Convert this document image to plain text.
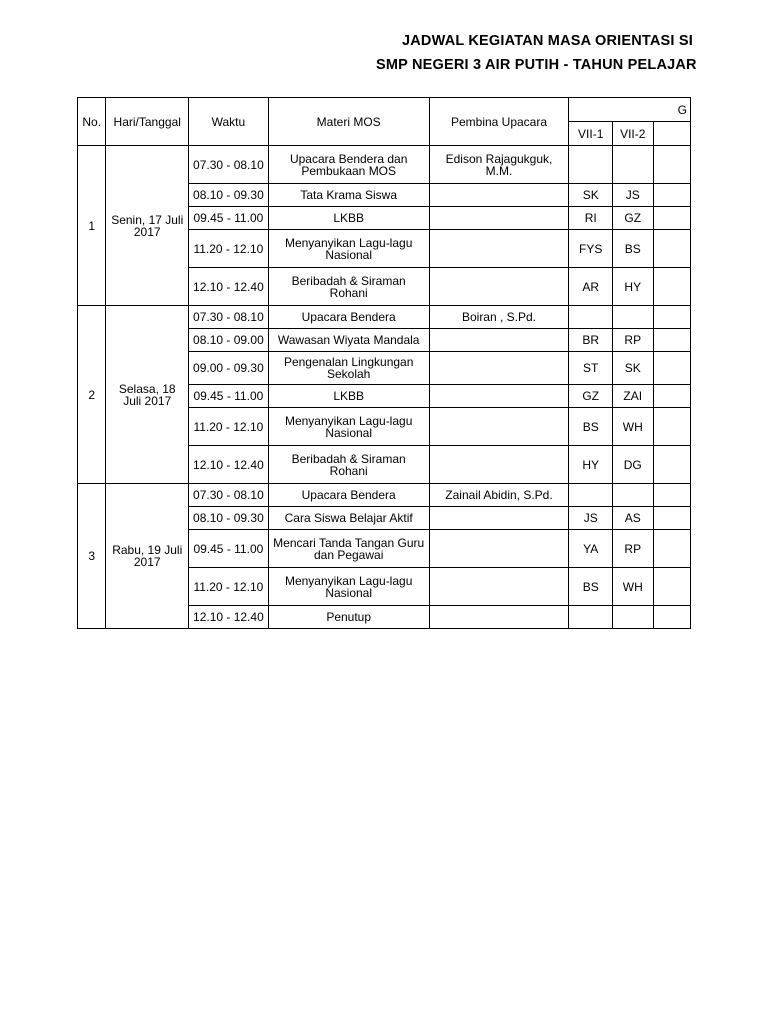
JADWAL KEGIATAN MASA ORIENTASI SI
SMP NEGERI 3 AIR PUTIH - TAHUN PELAJAR
No.	Hari/Tanggal	Waktu	Materi MOS	Pembina Upacara	G		
					VII-1	VII-2	
1	Senin, 17 Juli 2017	07.30 - 08.10	Upacara Bendera dan Pembukaan MOS	Edison Rajagukguk, M.M.			
		08.10 - 09.30	Tata Krama Siswa		SK	JS	
		09.45 - 11.00	LKBB		RI	GZ	
		11.20 - 12.10	Menyanyikan Lagu-lagu Nasional		FYS	BS	
		12.10 - 12.40	Beribadah & Siraman Rohani		AR	HY	
2	Selasa, 18 Juli 2017	07.30 - 08.10	Upacara Bendera	Boiran , S.Pd.			
		08.10 - 09.00	Wawasan Wiyata Mandala		BR	RP	
		09.00 - 09.30	Pengenalan Lingkungan Sekolah		ST	SK	
		09.45 - 11.00	LKBB		GZ	ZAI	
		11.20 - 12.10	Menyanyikan Lagu-lagu Nasional		BS	WH	
		12.10 - 12.40	Beribadah & Siraman Rohani		HY	DG	
3	Rabu, 19 Juli 2017	07.30 - 08.10	Upacara Bendera	Zainail Abidin, S.Pd.			
		08.10 - 09.30	Cara Siswa Belajar Aktif		JS	AS	
		09.45 - 11.00	Mencari Tanda Tangan Guru dan Pegawai		YA	RP	
		11.20 - 12.10	Menyanyikan Lagu-lagu Nasional		BS	WH	
		12.10 - 12.40	Penutup				
